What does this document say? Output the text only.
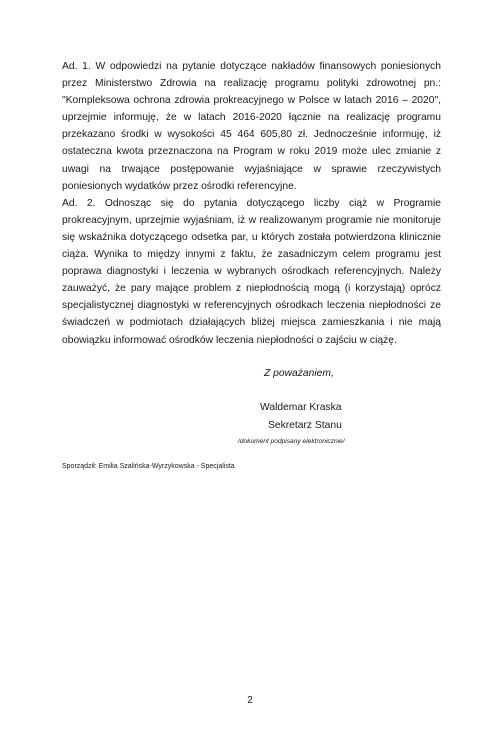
Ad. 1. W odpowiedzi na pytanie dotyczące nakładów finansowych poniesionych przez Ministerstwo Zdrowia na realizację programu polityki zdrowotnej pn.: "Kompleksowa ochrona zdrowia prokreacyjnego w Polsce w latach 2016 – 2020", uprzejmie informuję, że w latach 2016-2020 łącznie na realizację programu przekazano środki w wysokości 45 464 605,80 zł. Jednocześnie informuję, iż ostateczna kwota przeznaczona na Program w roku 2019 może ulec zmianie z uwagi na trwające postępowanie wyjaśniające w sprawie rzeczywistych poniesionych wydatków przez ośrodki referencyjne.

Ad. 2. Odnosząc się do pytania dotyczącego liczby ciąż w Programie prokreacyjnym, uprzejmie wyjaśniam, iż w realizowanym programie nie monitoruje się wskaźnika dotyczącego odsetka par, u których została potwierdzona klinicznie ciąża. Wynika to między innymi z faktu, że zasadniczym celem programu jest poprawa diagnostyki i leczenia w wybranych ośrodkach referencyjnych. Należy zauważyć, że pary mające problem z niepłodnością mogą (i korzystają) oprócz specjalistycznej diagnostyki w referencyjnych ośrodkach leczenia niepłodności ze świadczeń w podmiotach działających bliżej miejsca zamieszkania i nie mają obowiązku informować ośrodków leczenia niepłodności o zajściu w ciążę.

Z poważaniem,
Waldemar Kraska
Sekretarz Stanu
/dokument podpisany elektronicznie/
Sporządził: Emilia Szalińska-Wyrzykowska - Specjalista
2
